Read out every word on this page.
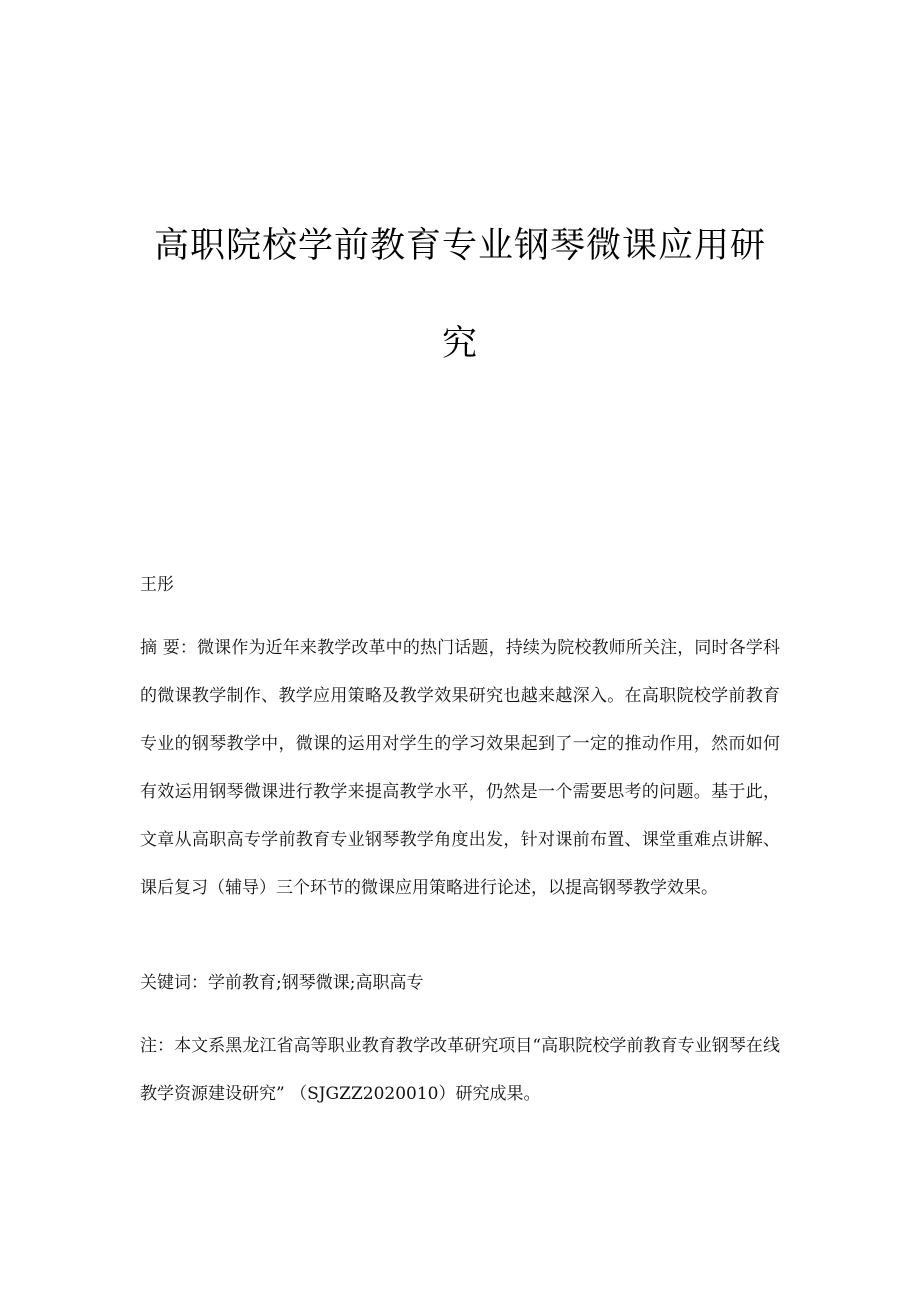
高职院校学前教育专业钢琴微课应用研
究
王彤
摘 要：微课作为近年来教学改革中的热门话题，持续为院校教师所关注，同时各学科的微课教学制作、教学应用策略及教学效果研究也越来越深入。在高职院校学前教育专业的钢琴教学中，微课的运用对学生的学习效果起到了一定的推动作用，然而如何有效运用钢琴微课进行教学来提高教学水平，仍然是一个需要思考的问题。基于此，文章从高职高专学前教育专业钢琴教学角度出发，针对课前布置、课堂重难点讲解、课后复习（辅导）三个环节的微课应用策略进行论述，以提高钢琴教学效果。
关键词：学前教育;钢琴微课;高职高专
注：本文系黑龙江省高等职业教育教学改革研究项目“高职院校学前教育专业钢琴在线教学资源建设研究” （SJGZZ2020010）研究成果。
